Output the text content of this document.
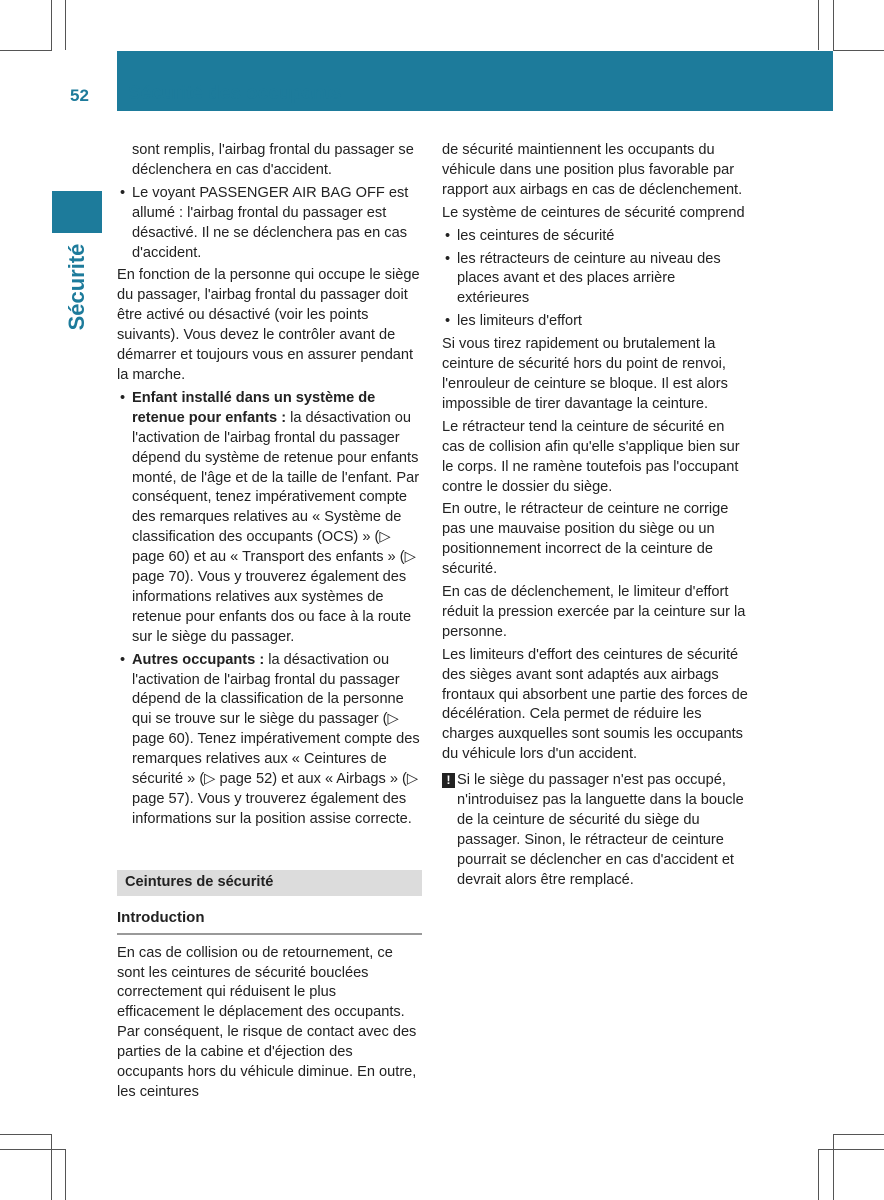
52 Sécurité des occupants
Sécurité

sont remplis, l'airbag frontal du passager se déclenchera en cas d'accident.

• Le voyant PASSENGER AIR BAG OFF est allumé : l'airbag frontal du passager est désactivé. Il ne se déclenchera pas en cas d'accident.

En fonction de la personne qui occupe le siège du passager, l'airbag frontal du passager doit être activé ou désactivé (voir les points suivants). Vous devez le contrôler avant de démarrer et toujours vous en assurer pendant la marche.

• Enfant installé dans un système de retenue pour enfants : la désactivation ou l'activation de l'airbag frontal du passager dépend du système de retenue pour enfants monté, de l'âge et de la taille de l'enfant. Par conséquent, tenez impérativement compte des remarques relatives au « Système de classification des occupants (OCS) » (▷ page 60) et au « Transport des enfants » (▷ page 70). Vous y trouverez également des informations relatives aux systèmes de retenue pour enfants dos ou face à la route sur le siège du passager.
• Autres occupants : la désactivation ou l'activation de l'airbag frontal du passager dépend de la classification de la personne qui se trouve sur le siège du passager (▷ page 60). Tenez impérativement compte des remarques relatives aux « Ceintures de sécurité » (▷ page 52) et aux « Airbags » (▷ page 57). Vous y trouverez également des informations sur la position assise correcte.
Ceintures de sécurité
Introduction

En cas de collision ou de retournement, ce sont les ceintures de sécurité bouclées correctement qui réduisent le plus efficacement le déplacement des occupants. Par conséquent, le risque de contact avec des parties de la cabine et d'éjection des occupants hors du véhicule diminue. En outre, les ceintures

de sécurité maintiennent les occupants du véhicule dans une position plus favorable par rapport aux airbags en cas de déclenchement.

Le système de ceintures de sécurité comprend

• les ceintures de sécurité
• les rétracteurs de ceinture au niveau des places avant et des places arrière extérieures
• les limiteurs d'effort

Si vous tirez rapidement ou brutalement la ceinture de sécurité hors du point de renvoi, l'enrouleur de ceinture se bloque. Il est alors impossible de tirer davantage la ceinture.

Le rétracteur tend la ceinture de sécurité en cas de collision afin qu'elle s'applique bien sur le corps. Il ne ramène toutefois pas l'occupant contre le dossier du siège.

En outre, le rétracteur de ceinture ne corrige pas une mauvaise position du siège ou un positionnement incorrect de la ceinture de sécurité.

En cas de déclenchement, le limiteur d'effort réduit la pression exercée par la ceinture sur la personne.

Les limiteurs d'effort des ceintures de sécurité des sièges avant sont adaptés aux airbags frontaux qui absorbent une partie des forces de décélération. Cela permet de réduire les charges auxquelles sont soumis les occupants du véhicule lors d'un accident.

! Si le siège du passager n'est pas occupé, n'introduisez pas la languette dans la boucle de la ceinture de sécurité du siège du passager. Sinon, le rétracteur de ceinture pourrait se déclencher en cas d'accident et devrait alors être remplacé.
